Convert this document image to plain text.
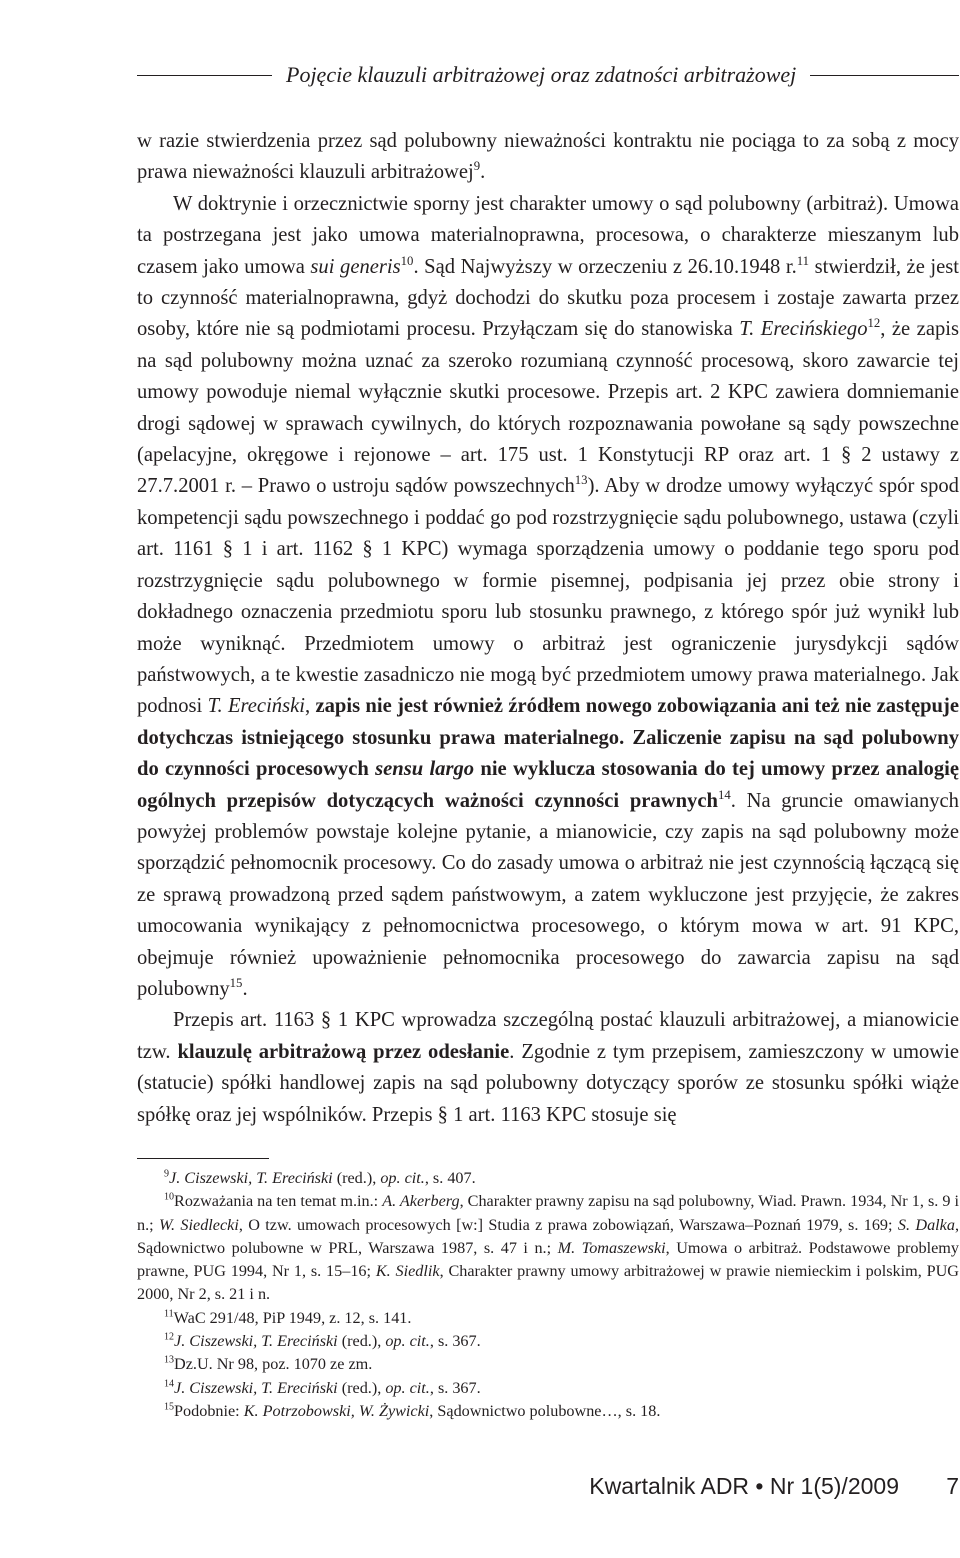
Pojęcie klauzuli arbitrażowej oraz zdatności arbitrażowej

w razie stwierdzenia przez sąd polubowny nieważności kontraktu nie pociąga to za sobą z mocy prawa nieważności klauzuli arbitrażowej$^9$.

W doktrynie i orzecznictwie sporny jest charakter umowy o sąd polubowny (arbitraż). Umowa ta postrzegana jest jako umowa materialnoprawna, procesowa, o charakterze mieszanym lub czasem jako umowa sui generis$^{10}$. Sąd Najwyższy w orzeczeniu z 26.10.1948 r.$^{11}$ stwierdził, że jest to czynność materialnoprawna, gdyż dochodzi do skutku poza procesem i zostaje zawarta przez osoby, które nie są podmiotami procesu. Przyłączam się do stanowiska T. Erecińskiego$^{12}$, że zapis na sąd polubowny można uznać za szeroko rozumianą czynność procesową, skoro zawarcie tej umowy powoduje niemal wyłącznie skutki procesowe. Przepis art. 2 KPC zawiera domniemanie drogi sądowej w sprawach cywilnych, do których rozpoznawania powołane są sądy powszechne (apelacyjne, okręgowe i rejonowe – art. 175 ust. 1 Konstytucji RP oraz art. 1 § 2 ustawy z 27.7.2001 r. – Prawo o ustroju sądów powszechnych$^{13}$). Aby w drodze umowy wyłączyć spór spod kompetencji sądu powszechnego i poddać go pod rozstrzygnięcie sądu polubownego, ustawa (czyli art. 1161 § 1 i art. 1162 § 1 KPC) wymaga sporządzenia umowy o poddanie tego sporu pod rozstrzygnięcie sądu polubownego w formie pisemnej, podpisania jej przez obie strony i dokładnego oznaczenia przedmiotu sporu lub stosunku prawnego, z którego spór już wynikł lub może wyniknąć. Przedmiotem umowy o arbitraż jest ograniczenie jurysdykcji sądów państwowych, a te kwestie zasadniczo nie mogą być przedmiotem umowy prawa materialnego. Jak podnosi T. Ereciński, zapis nie jest również źródłem nowego zobowiązania ani też nie zastępuje dotychczas istniejącego stosunku prawa materialnego. Zaliczenie zapisu na sąd polubowny do czynności procesowych sensu largo nie wyklucza stosowania do tej umowy przez analogię ogólnych przepisów dotyczących ważności czynności prawnych$^{14}$. Na gruncie omawianych powyżej problemów powstaje kolejne pytanie, a mianowicie, czy zapis na sąd polubowny może sporządzić pełnomocnik procesowy. Co do zasady umowa o arbitraż nie jest czynnością łączącą się ze sprawą prowadzoną przed sądem państwowym, a zatem wykluczone jest przyjęcie, że zakres umocowania wynikający z pełnomocnictwa procesowego, o którym mowa w art. 91 KPC, obejmuje również upoważnienie pełnomocnika procesowego do zawarcia zapisu na sąd polubowny$^{15}$.

Przepis art. 1163 § 1 KPC wprowadza szczególną postać klauzuli arbitrażowej, a mianowicie tzw. klauzulę arbitrażową przez odesłanie. Zgodnie z tym przepisem, zamieszczony w umowie (statucie) spółki handlowej zapis na sąd polubowny dotyczący sporów ze stosunku spółki wiąże spółkę oraz jej wspólników. Przepis § 1 art. 1163 KPC stosuje się

$^9$J. Ciszewski, T. Ereciński (red.), op. cit., s. 407.

$^{10}$Rozważania na ten temat m.in.: A. Akerberg, Charakter prawny zapisu na sąd polubowny, Wiad. Prawn. 1934, Nr 1, s. 9 i n.; W. Siedlecki, O tzw. umowach procesowych [w:] Studia z prawa zobowiązań, Warszawa–Poznań 1979, s. 169; S. Dalka, Sądownictwo polubowne w PRL, Warszawa 1987, s. 47 i n.; M. Tomaszewski, Umowa o arbitraż. Podstawowe problemy prawne, PUG 1994, Nr 1, s. 15–16; K. Siedlik, Charakter prawny umowy arbitrażowej w prawie niemieckim i polskim, PUG 2000, Nr 2, s. 21 i n.

$^{11}$WaC 291/48, PiP 1949, z. 12, s. 141.

$^{12}$J. Ciszewski, T. Ereciński (red.), op. cit., s. 367.

$^{13}$Dz.U. Nr 98, poz. 1070 ze zm.

$^{14}$J. Ciszewski, T. Ereciński (red.), op. cit., s. 367.

$^{15}$Podobnie: K. Potrzobowski, W. Żywicki, Sądownictwo polubowne…, s. 18.

Kwartalnik ADR • Nr 1(5)/2009 7
